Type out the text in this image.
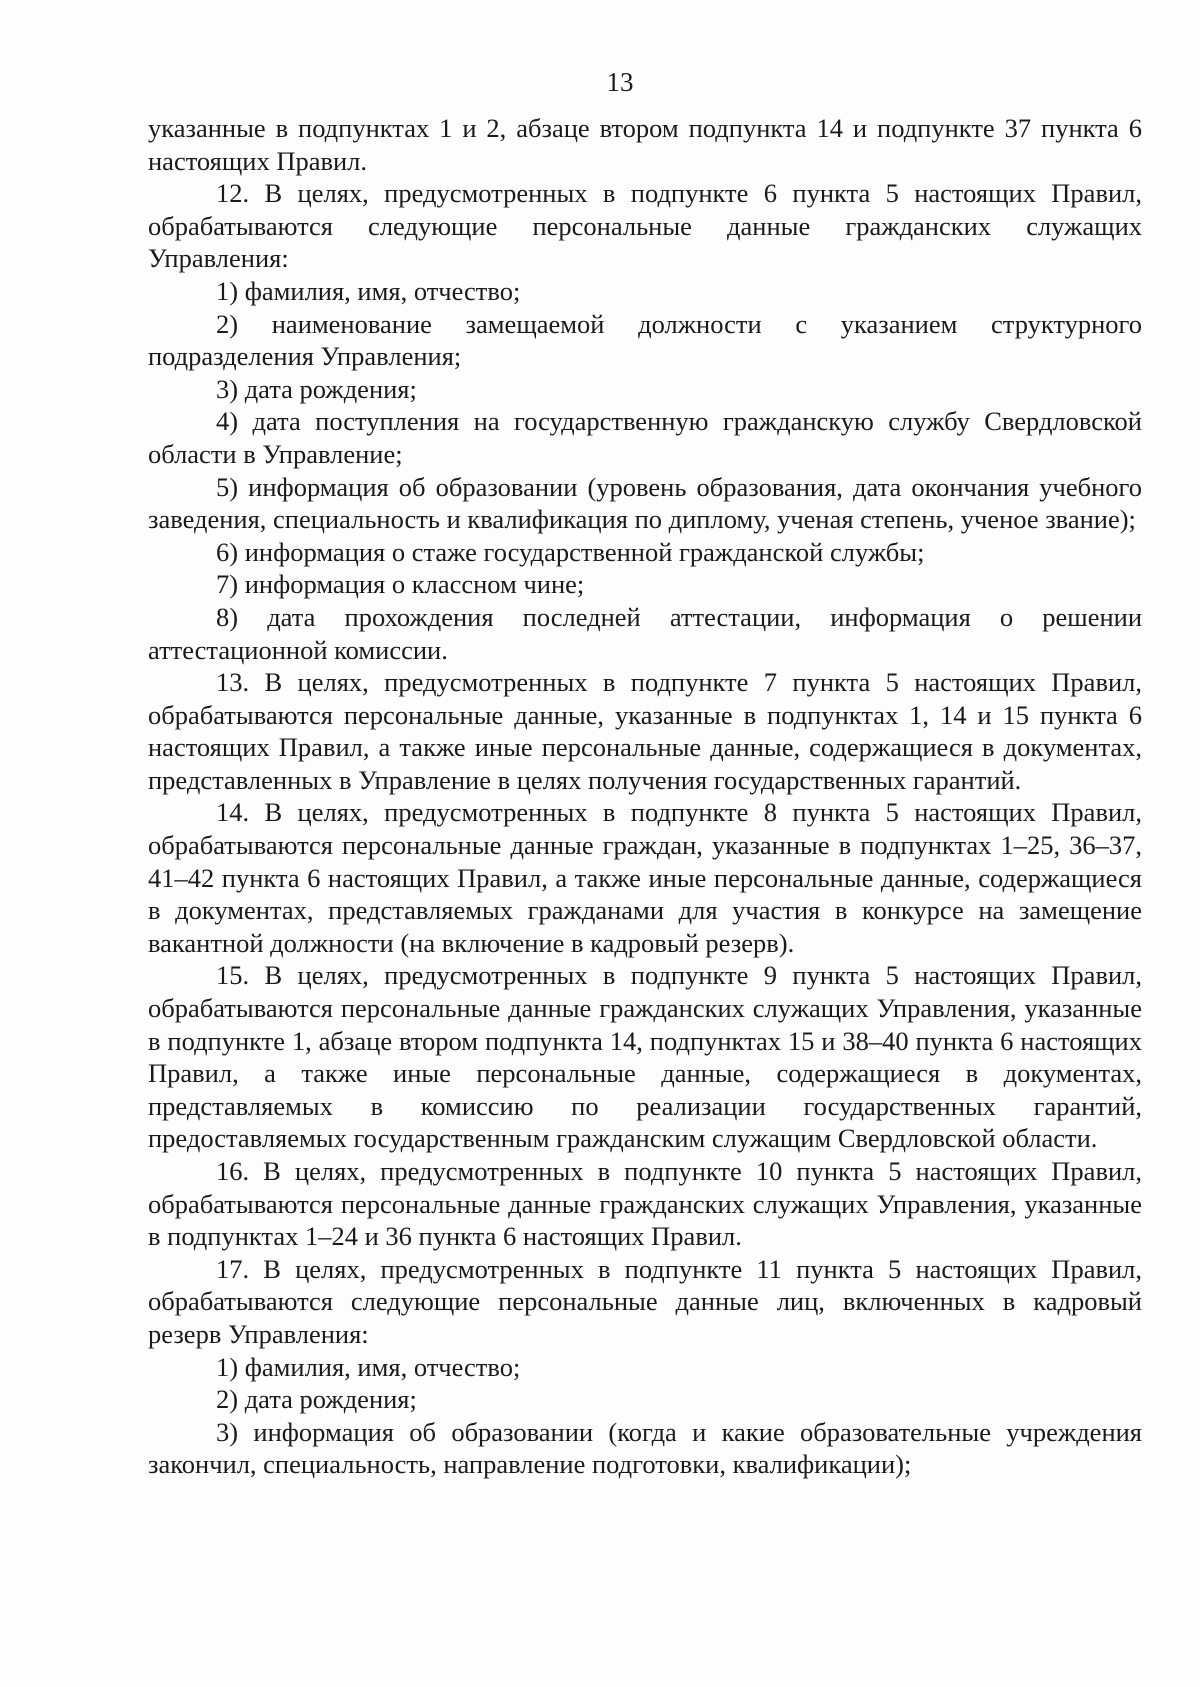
13

указанные в подпунктах 1 и 2, абзаце втором подпункта 14 и подпункте 37 пункта 6 настоящих Правил.

12. В целях, предусмотренных в подпункте 6 пункта 5 настоящих Правил, обрабатываются следующие персональные данные гражданских служащих Управления:

1) фамилия, имя, отчество;

2) наименование замещаемой должности с указанием структурного подразделения Управления;

3) дата рождения;

4) дата поступления на государственную гражданскую службу Свердловской области в Управление;

5) информация об образовании (уровень образования, дата окончания учебного заведения, специальность и квалификация по диплому, ученая степень, ученое звание);

6) информация о стаже государственной гражданской службы;

7) информация о классном чине;

8) дата прохождения последней аттестации, информация о решении аттестационной комиссии.

13. В целях, предусмотренных в подпункте 7 пункта 5 настоящих Правил, обрабатываются персональные данные, указанные в подпунктах 1, 14 и 15 пункта 6 настоящих Правил, а также иные персональные данные, содержащиеся в документах, представленных в Управление в целях получения государственных гарантий.

14. В целях, предусмотренных в подпункте 8 пункта 5 настоящих Правил, обрабатываются персональные данные граждан, указанные в подпунктах 1–25, 36–37, 41–42 пункта 6 настоящих Правил, а также иные персональные данные, содержащиеся в документах, представляемых гражданами для участия в конкурсе на замещение вакантной должности (на включение в кадровый резерв).

15. В целях, предусмотренных в подпункте 9 пункта 5 настоящих Правил, обрабатываются персональные данные гражданских служащих Управления, указанные в подпункте 1, абзаце втором подпункта 14, подпунктах 15 и 38–40 пункта 6 настоящих Правил, а также иные персональные данные, содержащиеся в документах, представляемых в комиссию по реализации государственных гарантий, предоставляемых государственным гражданским служащим Свердловской области.

16. В целях, предусмотренных в подпункте 10 пункта 5 настоящих Правил, обрабатываются персональные данные гражданских служащих Управления, указанные в подпунктах 1–24 и 36 пункта 6 настоящих Правил.

17. В целях, предусмотренных в подпункте 11 пункта 5 настоящих Правил, обрабатываются следующие персональные данные лиц, включенных в кадровый резерв Управления:

1) фамилия, имя, отчество;

2) дата рождения;

3) информация об образовании (когда и какие образовательные учреждения закончил, специальность, направление подготовки, квалификации);
